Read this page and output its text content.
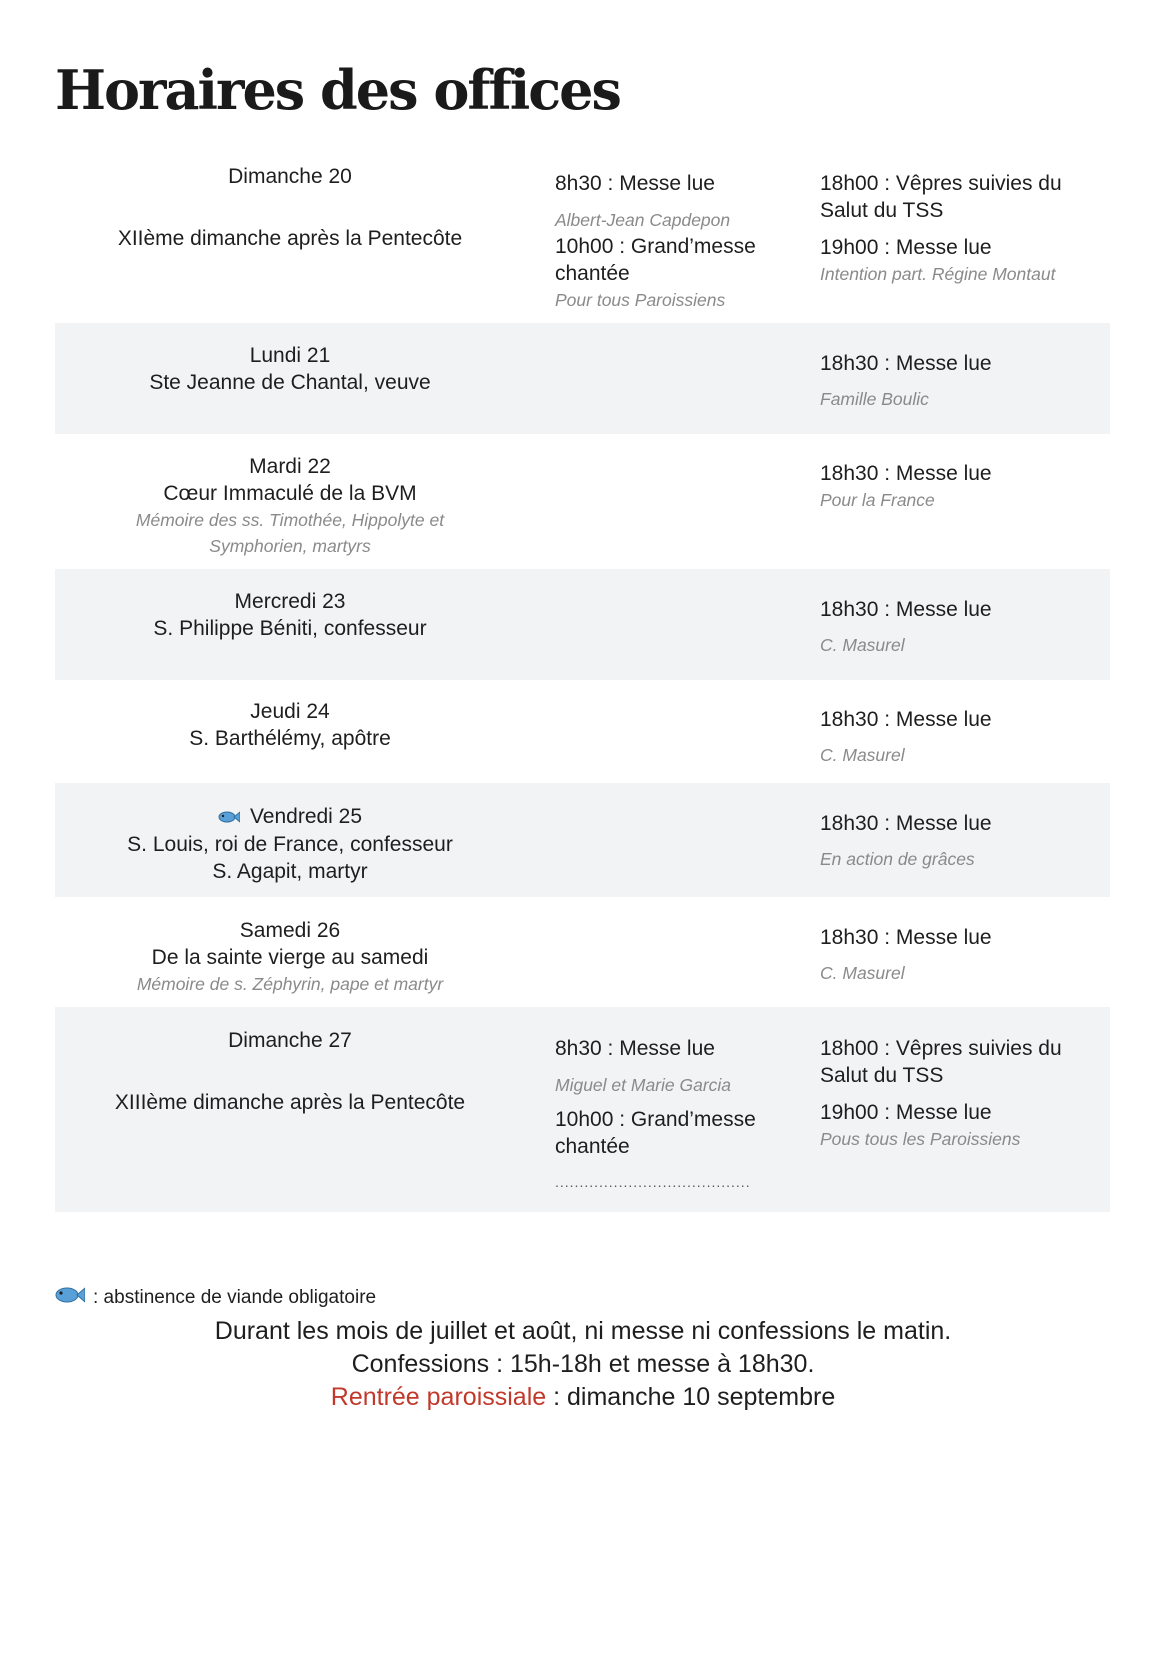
Horaires des offices
Dimanche 20
XIIème dimanche après la Pentecôte
8h30 : Messe lue
Albert-Jean Capdepon
10h00 : Grand’messe chantée
Pour tous Paroissiens
18h00 : Vêpres suivies du Salut du TSS
19h00 : Messe lue
Intention part. Régine Montaut
Lundi 21
Ste Jeanne de Chantal, veuve
18h30 : Messe lue
Famille Boulic
Mardi 22
Cœur Immaculé de la BVM
Mémoire des ss. Timothée, Hippolyte et Symphorien, martyrs
18h30 : Messe lue
Pour la France
Mercredi 23
S. Philippe Béniti, confesseur
18h30 : Messe lue
C. Masurel
Jeudi 24
S. Barthélémy, apôtre
18h30 : Messe lue
C. Masurel
Vendredi 25
S. Louis, roi de France, confesseur
S. Agapit, martyr
18h30 : Messe lue
En action de grâces
Samedi 26
De la sainte vierge au samedi
Mémoire de s. Zéphyrin, pape et martyr
18h30 : Messe lue
C. Masurel
Dimanche 27
XIIIème dimanche après la Pentecôte
8h30 : Messe lue
Miguel et Marie Garcia
10h00 : Grand’messe chantée
........................................
18h00 : Vêpres suivies du Salut du TSS
19h00 : Messe lue
Pous tous les Paroissiens
: abstinence de viande obligatoire
Durant les mois de juillet et août, ni messe ni confessions le matin.
Confessions : 15h-18h et messe à 18h30.
Rentrée paroissiale : dimanche 10 septembre
